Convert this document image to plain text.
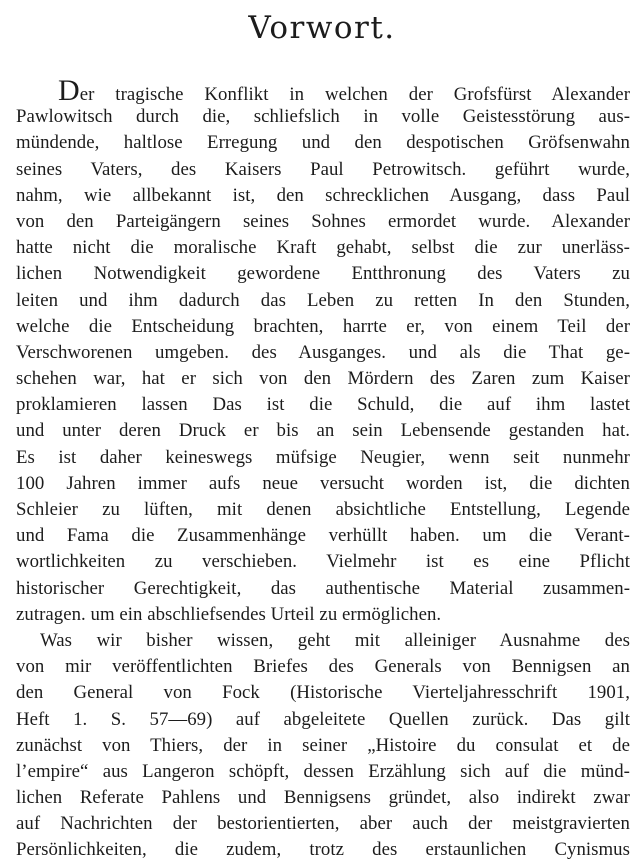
Vorwort.
Der tragische Konflikt in welchen der Grofsfürst Alexander
Pawlowitsch durch die, schliefslich in volle Geistesstörung aus-
mündende, haltlose Erregung und den despotischen Gröfsenwahn
seines Vaters, des Kaisers Paul Petrowitsch. geführt wurde,
nahm, wie allbekannt ist, den schrecklichen Ausgang, dass Paul
von den Parteigängern seines Sohnes ermordet wurde. Alexander
hatte nicht die moralische Kraft gehabt, selbst die zur unerläss-
lichen Notwendigkeit gewordene Entthronung des Vaters zu
leiten und ihm dadurch das Leben zu retten In den Stunden,
welche die Entscheidung brachten, harrte er, von einem Teil der
Verschworenen umgeben. des Ausganges. und als die That ge-
schehen war, hat er sich von den Mördern des Zaren zum Kaiser
proklamieren lassen Das ist die Schuld, die auf ihm lastet
und unter deren Druck er bis an sein Lebensende gestanden hat.
Es ist daher keineswegs müfsige Neugier, wenn seit nunmehr
100 Jahren immer aufs neue versucht worden ist, die dichten
Schleier zu lüften, mit denen absichtliche Entstellung, Legende
und Fama die Zusammenhänge verhüllt haben. um die Verant-
wortlichkeiten zu verschieben. Vielmehr ist es eine Pflicht
historischer Gerechtigkeit, das authentische Material zusammen-
zutragen. um ein abschliefsendes Urteil zu ermöglichen.
Was wir bisher wissen, geht mit alleiniger Ausnahme des
von mir veröffentlichten Briefes des Generals von Bennigsen an
den General von Fock (Historische Vierteljahresschrift 1901,
Heft 1. S. 57—69) auf abgeleitete Quellen zurück. Das gilt
zunächst von Thiers, der in seiner „Histoire du consulat et de
l’empire“ aus Langeron schöpft, dessen Erzählung sich auf die münd-
lichen Referate Pahlens und Bennigsens gründet, also indirekt zwar
auf Nachrichten der bestorientierten, aber auch der meistgravierten
Persönlichkeiten, die zudem, trotz des erstaunlichen Cynismus
